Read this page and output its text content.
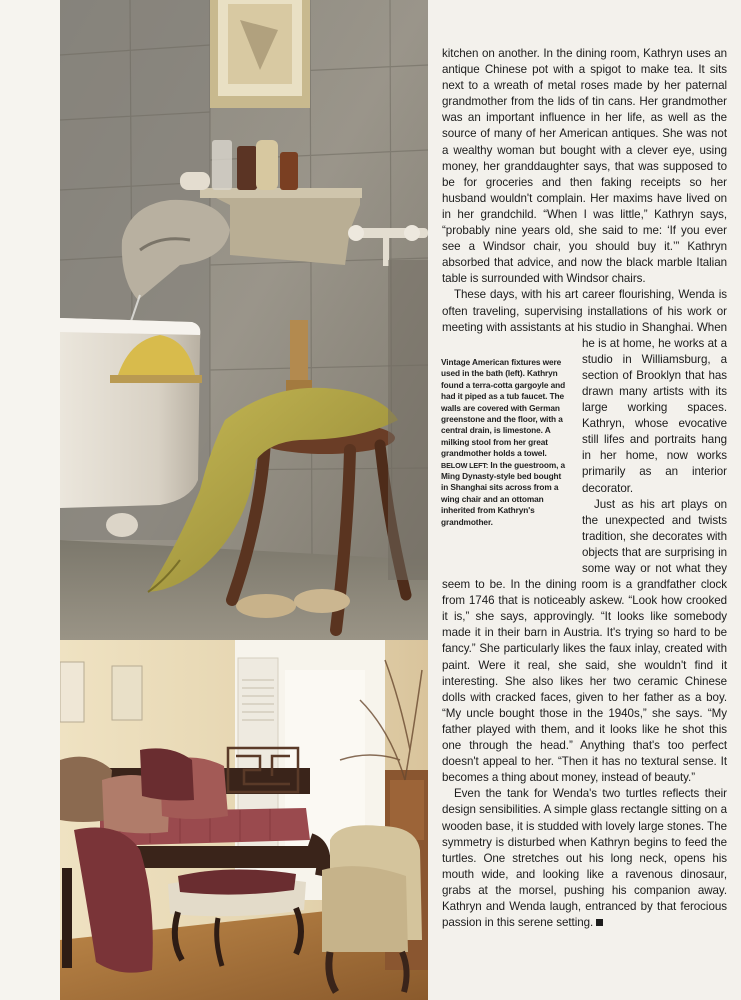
Vintage American fixtures were used in the bath (left). Kathryn found a terra-cotta gargoyle and had it piped as a tub faucet. The walls are covered with German greenstone and the floor, with a central drain, is limestone. A milking stool from her great grandmother holds a towel. BELOW LEFT: In the guestroom, a Ming Dynasty-style bed bought in Shanghai sits across from a wing chair and an ottoman inherited from Kathryn's grandmother.

kitchen on another. In the dining room, Kathryn uses an antique Chinese pot with a spigot to make tea. It sits next to a wreath of metal roses made by her paternal grandmother from the lids of tin cans. Her grandmother was an important influence in her life, as well as the source of many of her American antiques. She was not a wealthy woman but bought with a clever eye, using money, her granddaughter says, that was supposed to be for groceries and then faking receipts so her husband wouldn't complain. Her maxims have lived on in her grandchild. “When I was little,” Kathryn says, “probably nine years old, she said to me: ‘If you ever see a Windsor chair, you should buy it.’” Kathryn absorbed that advice, and now the black marble Italian table is surrounded with Windsor chairs.

These days, with his art career flourishing, Wenda is often traveling, supervising installations of his work or meeting with assistants at his studio in
Shanghai. When he is at home, he works at a studio in Williamsburg, a section of Brooklyn that has drawn many artists with its large working spaces. Kathryn, whose evocative still lifes and portraits hang in her home, now works primarily as an interior decorator.

Just as his art plays on the unexpected and twists tradition, she decorates with objects that are surprising in some way or not what they seem to be. In the dining room is a grandfather clock from 1746 that is noticeably askew. “Look how crooked it is,” she says, approvingly. “It looks like somebody made it in their barn in Austria. It's trying so hard to be fancy.” She particularly likes the faux inlay, created with paint. Were it real, she said, she wouldn't find it interesting. She also likes her two ceramic Chinese dolls with cracked faces, given to her father as a boy. “My uncle bought those in the 1940s,” she says. “My father played with them, and it looks like he shot this one through the head.” Anything that's too perfect doesn't appeal to her. “Then it has no textural sense. It becomes a thing about money, instead of beauty.”

Even the tank for Wenda's two turtles reflects their design sensibilities. A simple glass rectangle sitting on a wooden base, it is studded with lovely large stones. The symmetry is disturbed when Kathryn begins to feed the turtles. One stretches out his long neck, opens his mouth wide, and looking like a ravenous dinosaur, grabs at the morsel, pushing his companion away. Kathryn and Wenda laugh, entranced by that ferocious passion in this serene setting.
